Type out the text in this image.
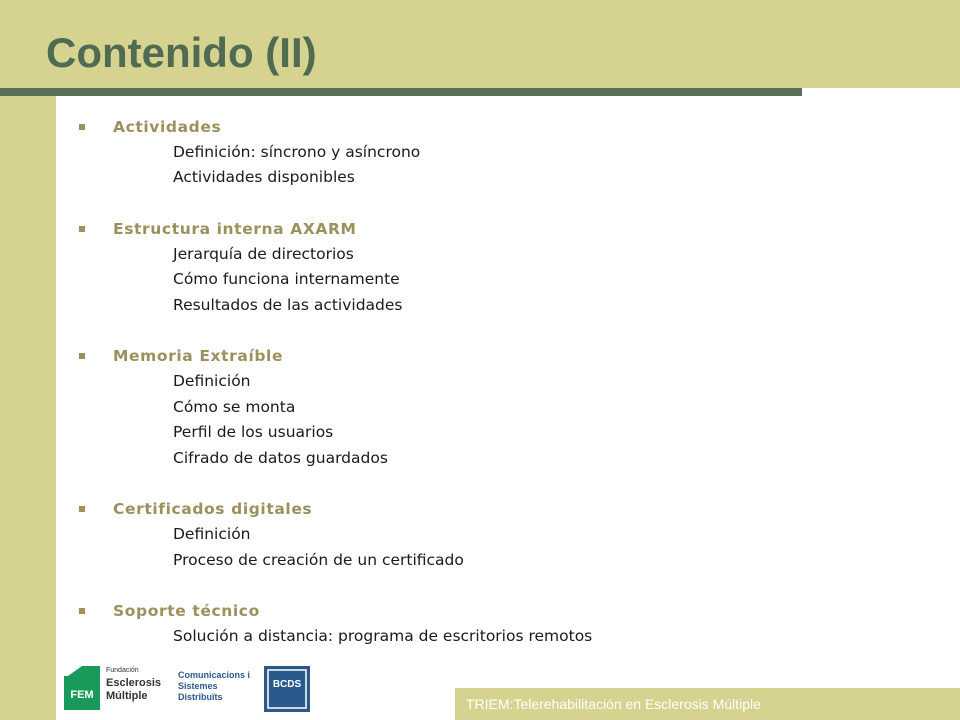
Contenido (II)
Actividades
Definición: síncrono y asíncrono
Actividades disponibles
Estructura interna AXARM
Jerarquía de directorios
Cómo funciona internamente
Resultados de las actividades
Memoria Extraíble
Definición
Cómo se monta
Perfil de los usuarios
Cifrado de datos guardados
Certificados digitales
Definición
Proceso de creación de un certificado
Soporte técnico
Solución a distancia: programa de escritorios remotos
FEM
Fundación
Esclerosis
Múltiple
Comunicacions i
Sistemes
Distribuïts
BCDS
TRIEM:Telerehabilitación en Esclerosis Múltiple
